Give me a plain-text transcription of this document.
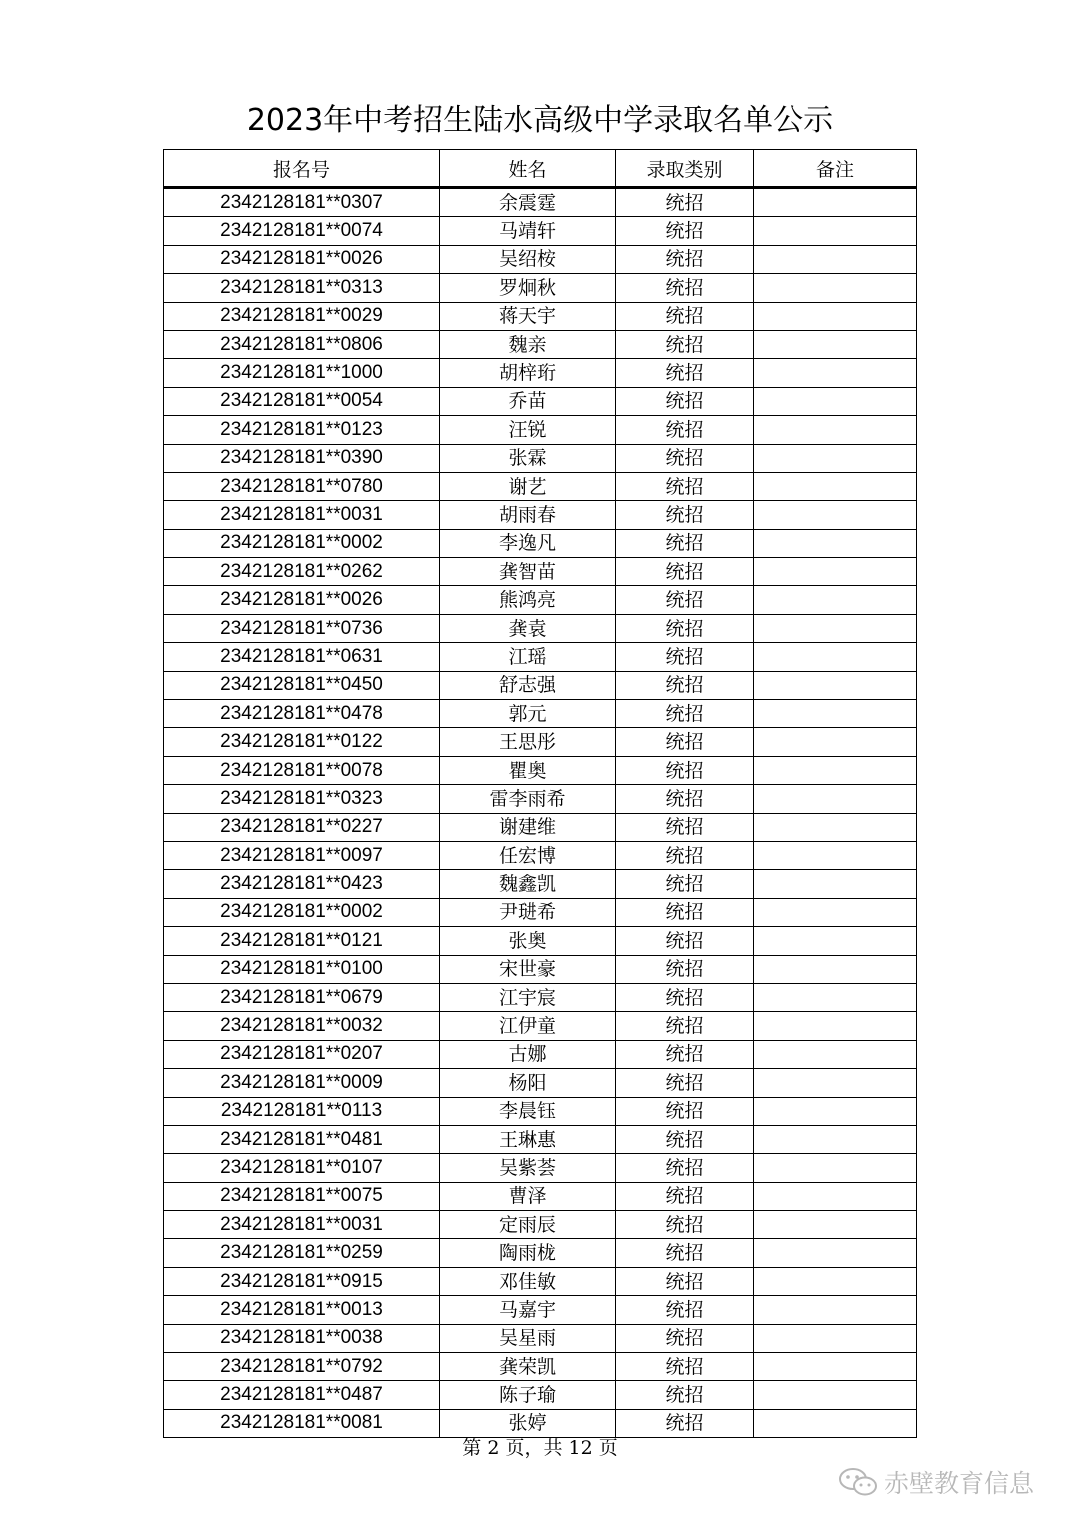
2023年中考招生陆水高级中学录取名单公示
报名号	姓名	录取类别	备注
2342128181**0307	余震霆	统招	
2342128181**0074	马靖轩	统招	
2342128181**0026	吴绍桉	统招	
2342128181**0313	罗炯秋	统招	
2342128181**0029	蒋天宇	统招	
2342128181**0806	魏亲	统招	
2342128181**1000	胡梓珩	统招	
2342128181**0054	乔苗	统招	
2342128181**0123	汪锐	统招	
2342128181**0390	张霖	统招	
2342128181**0780	谢艺	统招	
2342128181**0031	胡雨春	统招	
2342128181**0002	李逸凡	统招	
2342128181**0262	龚智苗	统招	
2342128181**0026	熊鸿亮	统招	
2342128181**0736	龚袁	统招	
2342128181**0631	江瑶	统招	
2342128181**0450	舒志强	统招	
2342128181**0478	郭元	统招	
2342128181**0122	王思彤	统招	
2342128181**0078	瞿奥	统招	
2342128181**0323	雷李雨希	统招	
2342128181**0227	谢建维	统招	
2342128181**0097	任宏博	统招	
2342128181**0423	魏鑫凯	统招	
2342128181**0002	尹琎希	统招	
2342128181**0121	张奥	统招	
2342128181**0100	宋世豪	统招	
2342128181**0679	江宇宸	统招	
2342128181**0032	江伊童	统招	
2342128181**0207	古娜	统招	
2342128181**0009	杨阳	统招	
2342128181**0113	李晨钰	统招	
2342128181**0481	王琳惠	统招	
2342128181**0107	吴紫荟	统招	
2342128181**0075	曹泽	统招	
2342128181**0031	定雨辰	统招	
2342128181**0259	陶雨栊	统招	
2342128181**0915	邓佳敏	统招	
2342128181**0013	马嘉宇	统招	
2342128181**0038	吴星雨	统招	
2342128181**0792	龚荣凯	统招	
2342128181**0487	陈子瑜	统招	
2342128181**0081	张婷	统招	
第 2 页，共 12 页
赤壁教育信息
